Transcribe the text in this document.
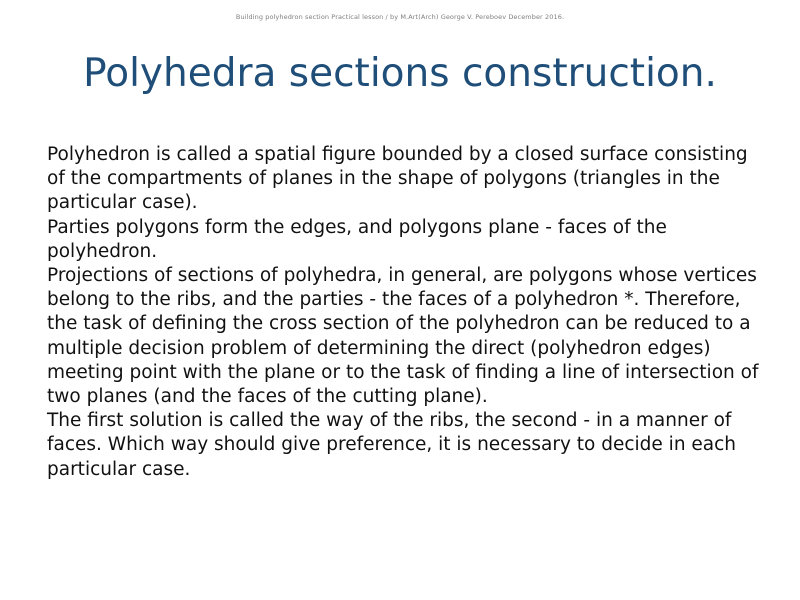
Building polyhedron section Practical lesson / by M.Art(Arch) George V. Pereboev December 2016.
Polyhedra sections construction.

Polyhedron is called a spatial figure bounded by a closed surface consisting of the compartments of planes in the shape of polygons (triangles in the particular case).

Parties polygons form the edges, and polygons plane - faces of the polyhedron.

Projections of sections of polyhedra, in general, are polygons whose vertices belong to the ribs, and the parties - the faces of a polyhedron *. Therefore, the task of defining the cross section of the polyhedron can be reduced to a multiple decision problem of determining the direct (polyhedron edges) meeting point with the plane or to the task of finding a line of intersection of two planes (and the faces of the cutting plane).

The first solution is called the way of the ribs, the second - in a manner of faces. Which way should give preference, it is necessary to decide in each particular case.
